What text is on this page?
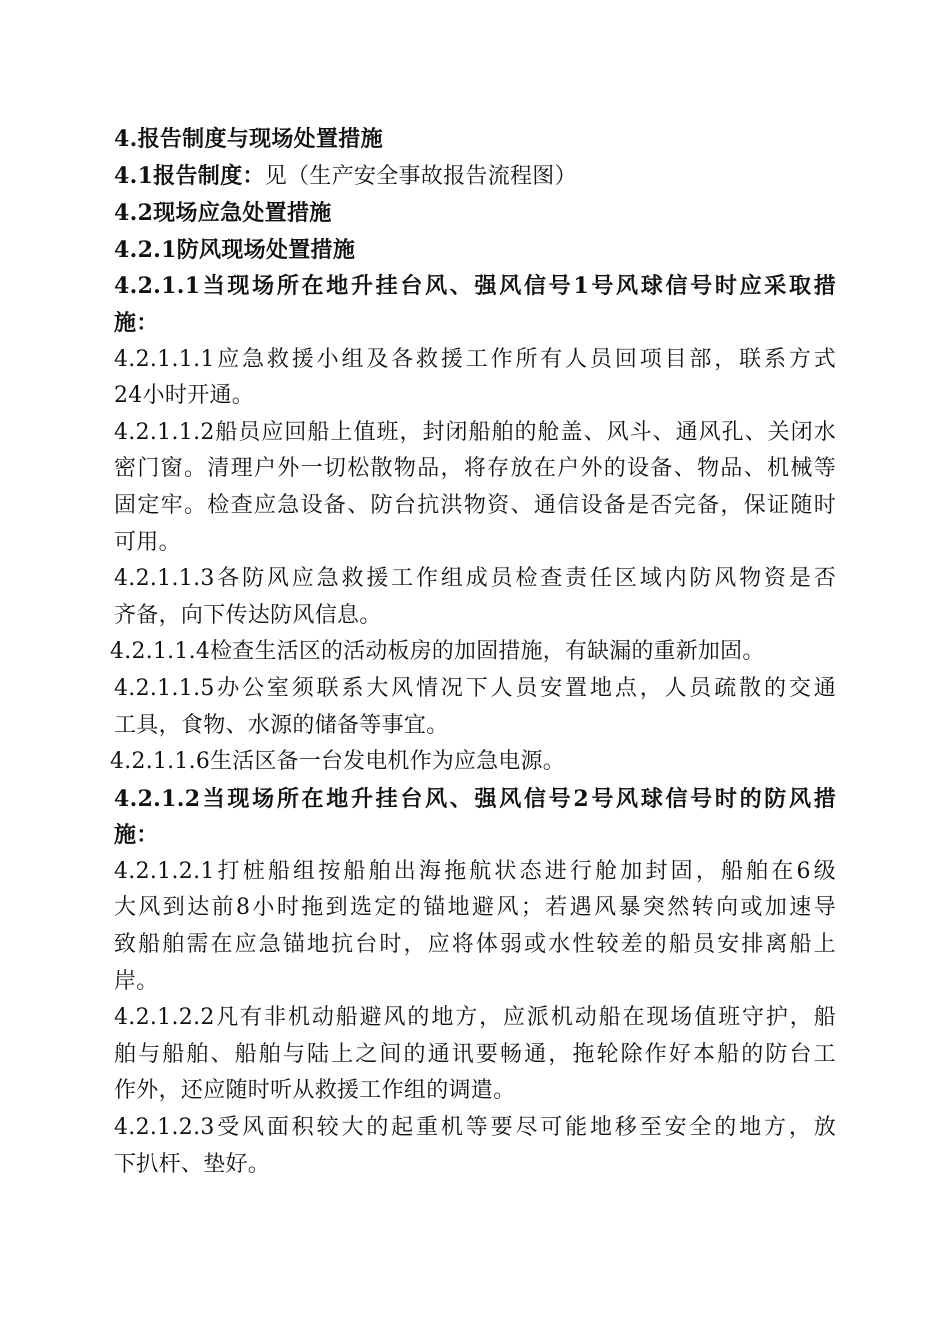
4.报告制度与现场处置措施
4.1报告制度：见（生产安全事故报告流程图）
4.2现场应急处置措施
4.2.1防风现场处置措施
4.2.1.1当现场所在地升挂台风、强风信号1号风球信号时应采取措
施：
4.2.1.1.1应急救援小组及各救援工作所有人员回项目部，联系方式
24小时开通。
4.2.1.1.2船员应回船上值班，封闭船舶的舱盖、风斗、通风孔、关闭水
密门窗。清理户外一切松散物品，将存放在户外的设备、物品、机械等
固定牢。检查应急设备、防台抗洪物资、通信设备是否完备，保证随时
可用。
4.2.1.1.3各防风应急救援工作组成员检查责任区域内防风物资是否
齐备，向下传达防风信息。
4.2.1.1.4检查生活区的活动板房的加固措施，有缺漏的重新加固。
4.2.1.1.5办公室须联系大风情况下人员安置地点，人员疏散的交通
工具，食物、水源的储备等事宜。
4.2.1.1.6生活区备一台发电机作为应急电源。
4.2.1.2当现场所在地升挂台风、强风信号2号风球信号时的防风措
施：
4.2.1.2.1打桩船组按船舶出海拖航状态进行舱加封固，船舶在6级
大风到达前8小时拖到选定的锚地避风；若遇风暴突然转向或加速导
致船舶需在应急锚地抗台时，应将体弱或水性较差的船员安排离船上
岸。
4.2.1.2.2凡有非机动船避风的地方，应派机动船在现场值班守护，船
舶与船舶、船舶与陆上之间的通讯要畅通，拖轮除作好本船的防台工
作外，还应随时听从救援工作组的调遣。
4.2.1.2.3受风面积较大的起重机等要尽可能地移至安全的地方，放
下扒杆、垫好。
